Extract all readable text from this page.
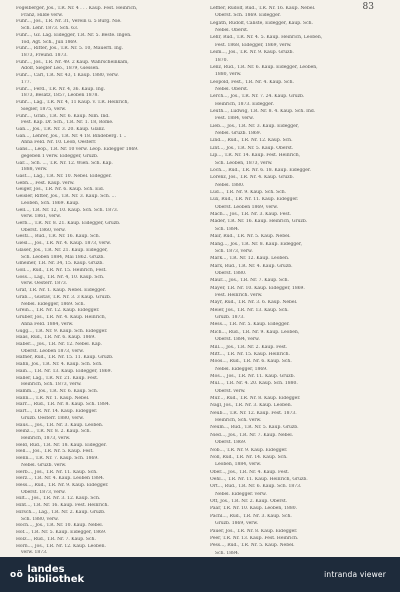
83
Fogelberger, Jos., T.R. Nr. 4 . . . Kaup. Fest. Heinrich,
Franz, Hilde verw.
Fuhr..., Jos., T.R. Nr. 31, Verein u. 5 Bürg. Nie.
Sch. Lehr. 1873. Sch. 63.
Fuhr..., Gz. Lag. Eidegger, T.R. Nr. 5. Beste. Ingen.
Tod, Agt. Sch., Juli 1869.
Fuhr..., Ritter, Jos., T.R. Nr. 5. 10, Mauerfl. Ing.
1873, Freund. 1873.
Fuhr..., Jos., T.R. Nr. 49. 2 Kaup. Wahrscheinkam,
Adolf, Siegler Leo., 1879, Giessen.
Fuhr..., Carl, T.R. Nr. 43, 1 Kaup. 1880, verw.
177.
Fuhr..., Ferd., T.R. Nr. 4, 36. Kaup. Ing.
1873, Besatz, 1857, Leoben 1878.
Fuhr..., Lag., T.R. Nr. 4, 11 Kaup. v. T.R. Heinrich,
Siegler, 1875, verw.
Fuhr..., Grab., T.R. Nr. 6. Kaup. Nim. Ind.
Fest. Kap. Dr. Sch., T.R. Nr. 1. 18, Rome.
Gan..., Jos., T.R. Nr. 3. 20. Kaup. Glanz.
Gan..., Lehrer, Jos., T.R. Nr. 4 18. Bindeberg. 1 ..
Anna Feld. Nr. 10. Leob, Oesterr.
Gans..., Leop., T.R. Nr. 10 verw. Leop. Eidegger 1869.
gegeben 1 verw. Eidegger, Grüzb.
Gar..., Sch. ..., T.R. Nr. 12. Wien. Sch. Kap.
1888, verw.
Gast..., Lag., T.R. Nr. 10. Nebel. Eidegger.
Gebh..., Fest. Kaup. verw.
Geiger, Jos., T.R. Nr. 6. Kaup. Sch. Eid.
Geisler, Ritter, Jos., T.R. Nr. 3. Kaup. Sch. ...
Leoben, Sch. 1869. Kaup.
Gell..., T.R. Nr. 12, 10. Kaup. Sch. Sch. 1873.
verw. 1861, verw.
Gerb..., T.R. Nr. 8. 21. Kaup. Eidegger, Grüzb.
Oberst. 1860, verw.
Gestl..., Rud., T.R. Nr. 16. Kaup. Sch.
Giesl..., Jos., T.R. Nr. 4. Kaup. 1873, verw.
Glaser, Jos., T.R. Nr. 21. Kaup. Eidegger,
Sch. Leoben 1884, Mai 1862. Grüzb.
Gmeiner, T.R. Nr. 34, 15. Kaup. Grüzb.
Goll..., Rud., T.R. Nr. 15. Heinrich, Fest.
Göss..., Lag., T.R. Nr. 4, 10. Kaup. Sch.
verw. Oesterr. 1873.
Graf, T.R. Nr. 1. Kaup. Nebel. Eidegger.
Grab..., Gustav, T.R. Nr. 3. 3 Kaup. Grüzb.
Nebel. Eidegger, 1869. Sch.
Grein..., T.R. Nr. 12. Kaup. Eidegger.
Gruber, Jos., T.R. Nr. 4. Kaup. Heinrich,
Anna Feld. 1884, verw.
Gugg..., T.R. Nr. 9. Kaup. Sch. Eidegger.
Haas, Rud., T.R. Nr. 6. Kaup. 1869.
Haber..., Jos., T.R. Nr. 12. Nebel. Kap.
Oberst. Leoben 1873, verw.
Hafner, Rud., T.R. Nr. 15. 11. Kaup. Grüzb.
Hahn, Jos., T.R. Nr. 4. Kaup. Sch. Sch.
Hain..., T.R. Nr. 13. Kaup. Eidegger, 1869.
Haller, Lag., T.R. Nr. 21. Kaup. Fest.
Heinrich, Sch. 1873, verw.
Hamm..., Jos., T.R. Nr. 6. Kaup. Sch.
Hann..., T.R. Nr. 1. Kaup. Nebel.
Harr..., Rud., T.R. Nr. 8. Kaup. Sch. 1884.
Hart..., T.R. Nr. 14. Kaup. Eidegger.
Grüzb. Oesterr. 1880, verw.
Haus..., Jos., T.R. Nr. 3. Kaup. Leoben.
Heinz..., T.R. Nr. 8. 2. Kaup. Sch.
Heinrich, 1873, verw.
Held, Rud., T.R. Nr. 18. Kaup. Eidegger.
Hell..., Jos., T.R. Nr. 5. Kaup. Fest.
Henn..., T.R. Nr. 7. Kaup. Sch. 1869.
Nebel. Grüzb. verw.
Herb..., Jos., T.R. Nr. 11. Kaup. Sch.
Herz..., T.R. Nr. 4. Kaup. Leoben 1884.
Hess..., Rud., T.R. Nr. 9. Kaup. Eidegger.
Oberst. 1873, verw.
Hilt..., Jos., T.R. Nr. 3. 12. Kaup. Sch.
Hint..., T.R. Nr. 16. Kaup. Fest. Heinrich.
Hirsch..., Lag., T.R. Nr. 2. Kaup. Grüzb.
Sch. 1880, verw.
Hoch..., Jos., T.R. Nr. 10. Kaup. Nebel.
Hof..., T.R. Nr. 5. Kaup. Eidegger, 1869.
Holz..., Rud., T.R. Nr. 7. Kaup. Sch.
Horn..., Jos., T.R. Nr. 12. Kaup. Leoben.
verw. 1873.
Leffler, Rudolf, Rud., T.R. Nr. 16. Kaup. Nebel.
Oberst. Sch. 1869. Eidegger.
Legath, Rudolf, Caliste, Eidegger, Kaup. Sch.
Nebel. Oberst.
Lehr, Rud., T.R. Nr. 4. 5. Kaup. Heinrich, Leoben,
Fest. 1868, Eidegger, 1869, verw.
Leim..., Jos., T.R. Nr. 9. Kaup. Grüzb.
1870.
Lenz, Rud., T.R. Nr. 6. Kaup. Eidegger, Leoben,
1880, verw.
Leopold, Fest., T.R. Nr. 4. Kaup. Sch.
Nebel. Oberst.
Lerch..., Jos., T.R. Nr. 7. 24. Kaup. Grüzb.
Heinrich, 1873. Eidegger.
Leuth..., Ludwig, T.R. Nr. 8. 4. Kaup. Sch. Ind.
Fest. 1884, verw.
Lieb..., Jos., T.R. Nr. 3. Kaup. Eidegger,
Nebel. Grüzb. 1869.
Lind..., Rud., T.R. Nr. 12. Kaup. Sch.
Lint..., Jos., T.R. Nr. 5. Kaup. Oberst.
Lip..., T.R. Nr. 14. Kaup. Fest. Heinrich,
Sch. Leoben, 1873, verw.
Loch..., Rud., T.R. Nr. 6. 18. Kaup. Eidegger.
Lorenz, Jos., T.R. Nr. 4. Kaup. Grüzb.
Nebel. 1880.
Lud..., T.R. Nr. 9. Kaup. Sch. Sch.
Lux, Rud., T.R. Nr. 11. Kaup. Eidegger.
Oberst. Leoben 1869, verw.
Mach..., Jos., T.R. Nr. 3. Kaup. Fest.
Mader, T.R. Nr. 16. Kaup. Heinrich, Grüzb.
Sch. 1884.
Mair, Rud., T.R. Nr. 5. Kaup. Nebel.
Mang..., Jos., T.R. Nr. 8. Kaup. Eidegger,
Sch. 1873, verw.
Mark..., T.R. Nr. 12. Kaup. Leoben.
Marx, Rud., T.R. Nr. 4. Kaup. Grüzb.
Oberst. 1880.
Maur..., Jos., T.R. Nr. 7. Kaup. Sch.
Mayer, T.R. Nr. 10. Kaup. Eidegger, 1869.
Fest. Heinrich. verw.
Mayr, Rud., T.R. Nr. 3. 6. Kaup. Nebel.
Meier, Jos., T.R. Nr. 13. Kaup. Sch.
Grüzb. 1873.
Mess..., T.R. Nr. 5. Kaup. Eidegger.
Mich..., Rud., T.R. Nr. 9. Kaup. Leoben,
Oberst. 1884, verw.
Mill..., Jos., T.R. Nr. 2. Kaup. Fest.
Mitt..., T.R. Nr. 15. Kaup. Heinrich.
Moos..., Rud., T.R. Nr. 6. Kaup. Sch.
Nebel. Eidegger, 1869.
Mos..., Jos., T.R. Nr. 11. Kaup. Grüzb.
Mül..., T.R. Nr. 4. 20. Kaup. Sch. 1880.
Oberst. verw.
Mur..., Rud., T.R. Nr. 8. Kaup. Eidegger.
Nagl, Jos., T.R. Nr. 3. Kaup. Leoben.
Neub..., T.R. Nr. 12. Kaup. Fest. 1873.
Heinrich, Sch. verw.
Neum..., Rud., T.R. Nr. 5. Kaup. Grüzb.
Nied..., Jos., T.R. Nr. 7. Kaup. Nebel.
Oberst. 1869.
Nöb..., T.R. Nr. 9. Kaup. Eidegger.
Noll, Rud., T.R. Nr. 14. Kaup. Sch.
Leoben, 1884, verw.
Ober..., Jos., T.R. Nr. 4. Kaup. Fest.
Oehl..., T.R. Nr. 11. Kaup. Heinrich, Grüzb.
Ort..., Rud., T.R. Nr. 6. Kaup. Sch. 1873.
Nebel. Eidegger. verw.
Ott, Jos., T.R. Nr. 2. Kaup. Oberst.
Paar, T.R. Nr. 10. Kaup. Leoben, 1880.
Pachl..., Rud., T.R. Nr. 3. Kaup. Sch.
Grüzb. 1869, verw.
Pauer, Jos., T.R. Nr. 8. Kaup. Eidegger.
Peer, T.R. Nr. 13. Kaup. Fest. Heinrich.
Pess..., Rud., T.R. Nr. 5. Kaup. Nebel.
Sch. 1884.
oö landes
bibliothek	intranda viewer
